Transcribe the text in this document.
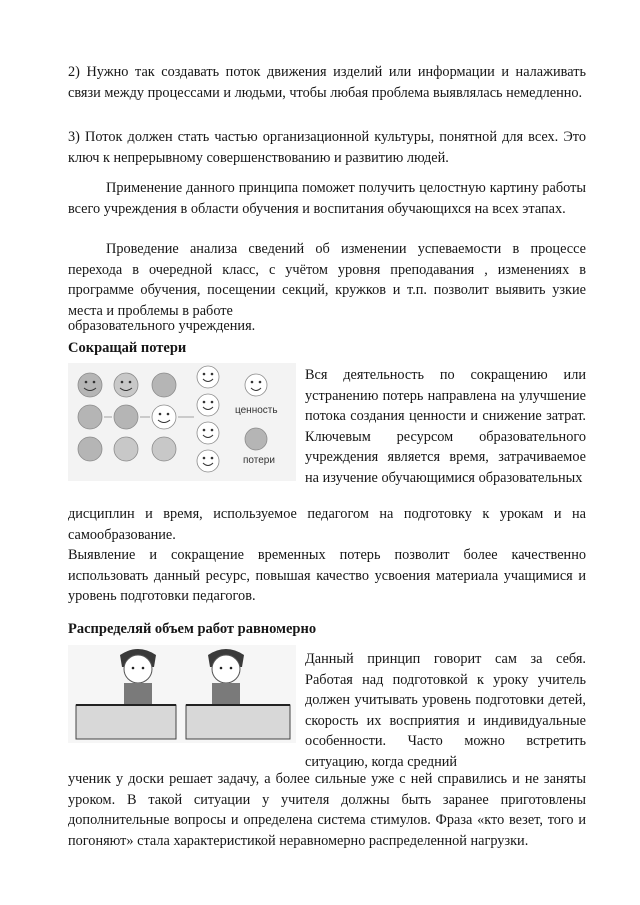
2) Нужно так создавать поток движения изделий или информации и налаживать связи между процессами и людьми, чтобы любая проблема выявлялась немедленно.

3) Поток должен стать частью организационной культуры, понятной для всех. Это ключ к непрерывному совершенствованию и развитию людей.

Применение данного принципа поможет получить целостную картину работы всего учреждения в области обучения и воспитания обучающихся на всех этапах.

Проведение анализа сведений об изменении успеваемости в процессе перехода в очередной класс, с учётом уровня преподавания , изменениях в программе обучения, посещении секций, кружков и т.п. позволит выявить узкие места и проблемы в работе

образовательного учреждения.

Сокращай потери
ценность
потери

Вся деятельность по сокращению или устранению потерь направлена на улучшение потока создания ценности и снижение затрат. Ключевым ресурсом образовательного учреждения является время, затрачиваемое на изучение обучающимися образовательных

дисциплин и время, используемое педагогом на подготовку к урокам и на самообразование.

Выявление и сокращение временных потерь позволит более качественно использовать данный ресурс, повышая качество усвоения материала учащимися и уровень подготовки педагогов.

Распределяй объем работ равномерно

Данный принцип говорит сам за себя. Работая над подготовкой к уроку учитель должен учитывать уровень подготовки детей, скорость их восприятия и индивидуальные особенности. Часто можно встретить ситуацию, когда средний

ученик у доски решает задачу, а более сильные уже с ней справились и не заняты уроком. В такой ситуации у учителя должны быть заранее приготовлены дополнительные вопросы и определена система стимулов. Фраза «кто везет, того и погоняют» стала характеристикой неравномерно распределенной нагрузки.
